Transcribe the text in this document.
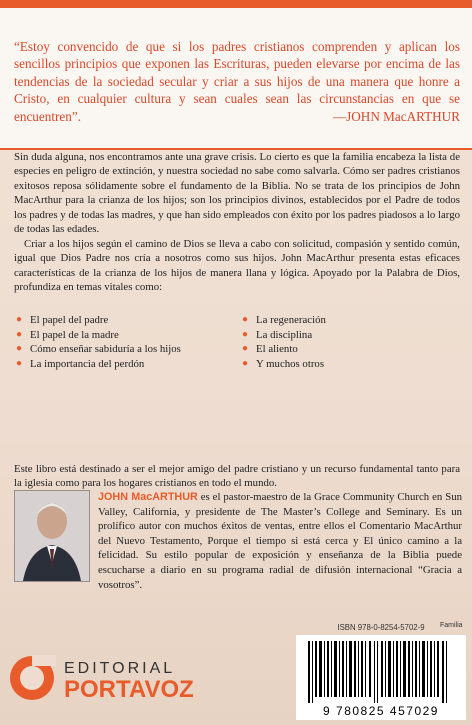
“Estoy convencido de que si los padres cristianos comprenden y aplican los sencillos principios que exponen las Escrituras, pueden elevarse por encima de las tendencias de la sociedad secular y criar a sus hijos de una manera que honre a Cristo, en cualquier cultura y sean cuales sean las circunstancias en que se encuentren”.	—JOHN MacARTHUR
Sin duda alguna, nos encontramos ante una grave crisis. Lo cierto es que la familia encabeza la lista de especies en peligro de extinción, y nuestra sociedad no sabe como salvarla. Cómo ser padres cristianos exitosos reposa sólidamente sobre el fundamento de la Biblia. No se trata de los principios de John MacArthur para la crianza de los hijos; son los principios divinos, establecidos por el Padre de todos los padres y de todas las madres, y que han sido empleados con éxito por los padres piadosos a lo largo de todas las edades.
Criar a los hijos según el camino de Dios se lleva a cabo con solicitud, compasión y sentido común, igual que Dios Padre nos cría a nosotros como sus hijos. John MacArthur presenta estas eficaces características de la crianza de los hijos de manera llana y lógica. Apoyado por la Palabra de Dios, profundiza en temas vitales como:
● El papel del padre
● El papel de la madre
● Cómo enseñar sabiduría a los hijos
● La importancia del perdón
● La regeneración
● La disciplina
● El aliento
● Y muchos otros
Este libro está destinado a ser el mejor amigo del padre cristiano y un recurso fundamental tanto para la iglesia como para los hogares cristianos en todo el mundo.
JOHN MacARTHUR es el pastor-maestro de la Grace Community Church en Sun Valley, California, y presidente de The Master’s College and Seminary. Es un prolífico autor con muchos éxitos de ventas, entre ellos el Comentario MacArthur del Nuevo Testamento, Porque el tiempo si está cerca y El único camino a la felicidad. Su estilo popular de exposición y enseñanza de la Biblia puede escucharse a diario en su programa radial de difusión internacional “Gracia a vosotros”.
EDITORIAL
PORTAVOZ
Familia
ISBN 978-0-8254-5702-9
9 780825 457029
